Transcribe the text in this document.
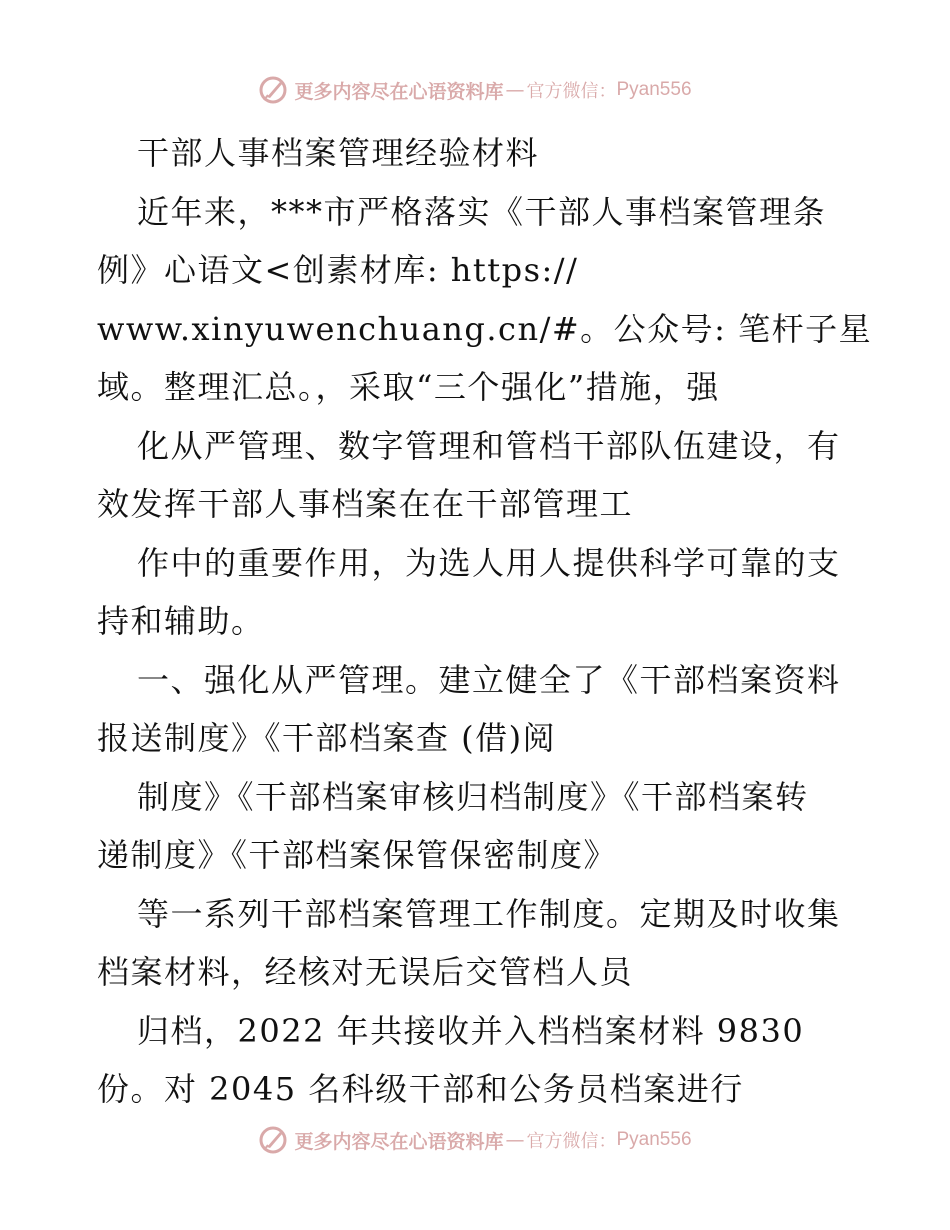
更多内容尽在心语资料库 — 官方微信： Pyan556
干部人事档案管理经验材料
近年来，***市严格落实《干部人事档案管理条
例》心语文<创素材库: https://
www.xinyuwenchuang.cn/#。公众号: 笔杆子星
域。整理汇总。，采取“三个强化”措施，强
化从严管理、数字管理和管档干部队伍建设，有
效发挥干部人事档案在在干部管理工
作中的重要作用，为选人用人提供科学可靠的支
持和辅助。
一、强化从严管理。建立健全了《干部档案资料
报送制度》《干部档案查 (借)阅
制度》《干部档案审核归档制度》《干部档案转
递制度》《干部档案保管保密制度》
等一系列干部档案管理工作制度。定期及时收集
档案材料，经核对无误后交管档人员
归档，2022 年共接收并入档档案材料 9830
份。对 2045 名科级干部和公务员档案进行
更多内容尽在心语资料库 — 官方微信： Pyan556
